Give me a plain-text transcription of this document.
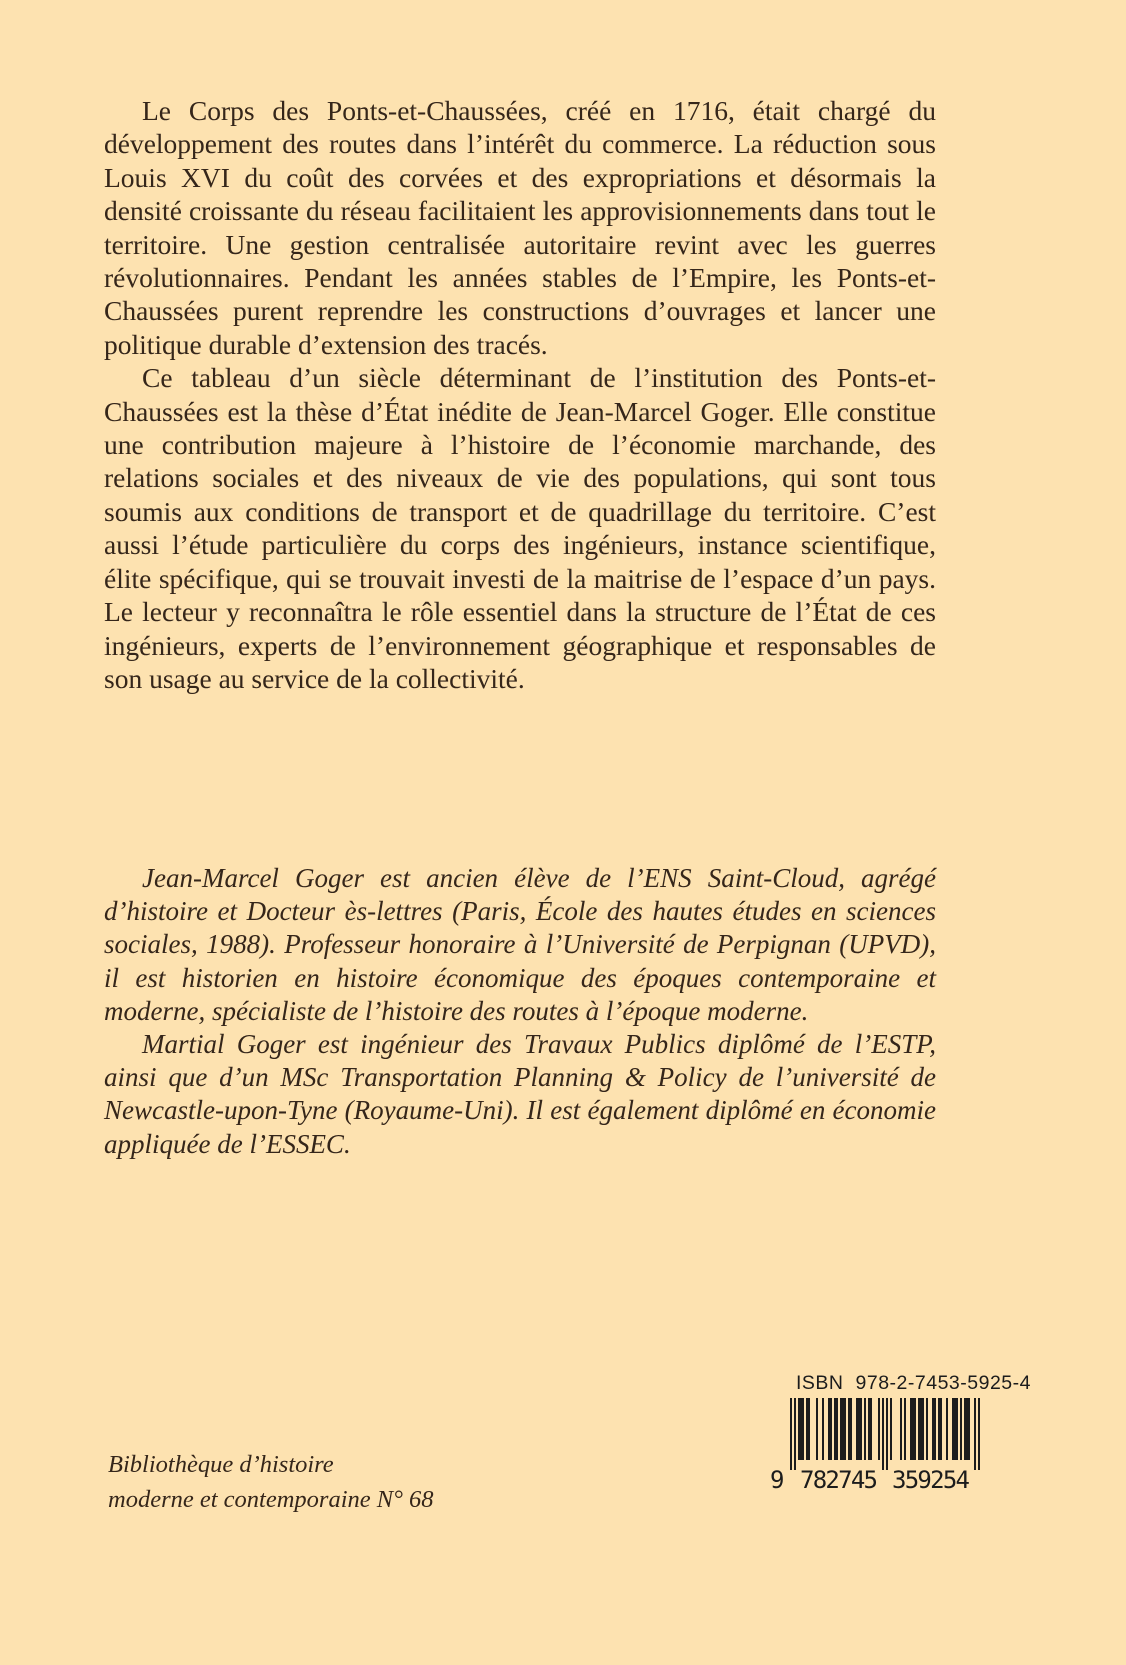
Le Corps des Ponts-et-Chaussées, créé en 1716, était chargé du développement des routes dans l’intérêt du commerce. La réduction sous Louis XVI du coût des corvées et des expropriations et désormais la densité croissante du réseau facilitaient les approvisionnements dans tout le territoire. Une gestion centralisée autoritaire revint avec les guerres révolutionnaires. Pendant les années stables de l’Empire, les Ponts-et-Chaussées purent reprendre les constructions d’ouvrages et lancer une politique durable d’extension des tracés.

Ce tableau d’un siècle déterminant de l’institution des Ponts-et-Chaussées est la thèse d’État inédite de Jean-Marcel Goger. Elle constitue une contribution majeure à l’histoire de l’économie marchande, des relations sociales et des niveaux de vie des populations, qui sont tous soumis aux conditions de transport et de quadrillage du territoire. C’est aussi l’étude particulière du corps des ingénieurs, instance scientifique, élite spécifique, qui se trouvait investi de la maitrise de l’espace d’un pays. Le lecteur y reconnaîtra le rôle essentiel dans la structure de l’État de ces ingénieurs, experts de l’environnement géographique et responsables de son usage au service de la collectivité.

Jean-Marcel Goger est ancien élève de l’ENS Saint-Cloud, agrégé d’histoire et Docteur ès-lettres (Paris, École des hautes études en sciences sociales, 1988). Professeur honoraire à l’Université de Perpignan (UPVD), il est historien en histoire économique des époques contemporaine et moderne, spécialiste de l’histoire des routes à l’époque moderne.

Martial Goger est ingénieur des Travaux Publics diplômé de l’ESTP, ainsi que d’un MSc Transportation Planning & Policy de l’université de Newcastle-upon-Tyne (Royaume-Uni). Il est également diplômé en économie appliquée de l’ESSEC.

Bibliothèque d’histoire
moderne et contemporaine N° 68
ISBN 978-2-7453-5925-4
9 782745 359254
